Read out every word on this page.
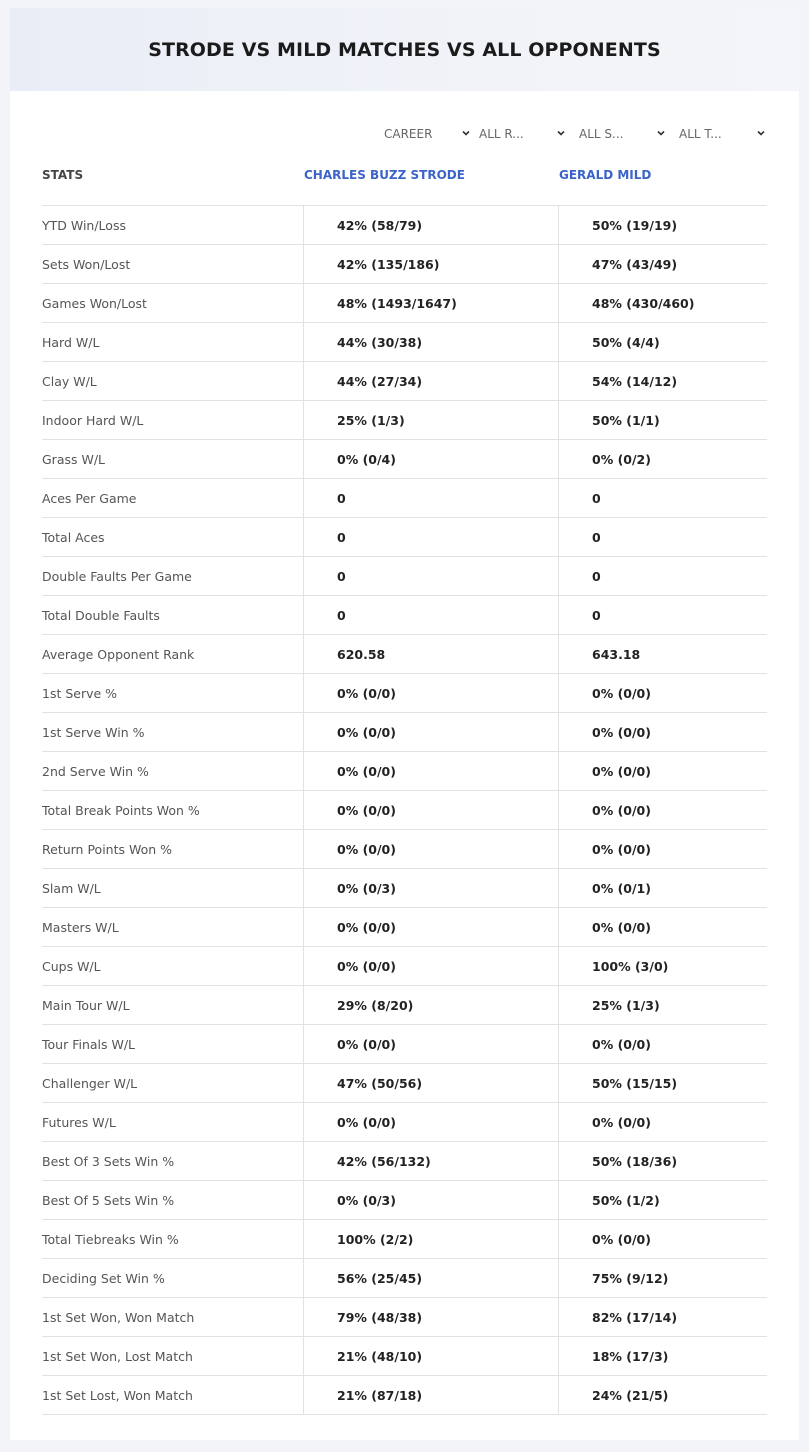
STRODE VS MILD MATCHES VS ALL OPPONENTS
CAREER	ALL R...	ALL S...	ALL T...
STATS	CHARLES BUZZ STRODE	GERALD MILD
YTD Win/Loss	42% (58/79)	50% (19/19)
Sets Won/Lost	42% (135/186)	47% (43/49)
Games Won/Lost	48% (1493/1647)	48% (430/460)
Hard W/L	44% (30/38)	50% (4/4)
Clay W/L	44% (27/34)	54% (14/12)
Indoor Hard W/L	25% (1/3)	50% (1/1)
Grass W/L	0% (0/4)	0% (0/2)
Aces Per Game	0	0
Total Aces	0	0
Double Faults Per Game	0	0
Total Double Faults	0	0
Average Opponent Rank	620.58	643.18
1st Serve %	0% (0/0)	0% (0/0)
1st Serve Win %	0% (0/0)	0% (0/0)
2nd Serve Win %	0% (0/0)	0% (0/0)
Total Break Points Won %	0% (0/0)	0% (0/0)
Return Points Won %	0% (0/0)	0% (0/0)
Slam W/L	0% (0/3)	0% (0/1)
Masters W/L	0% (0/0)	0% (0/0)
Cups W/L	0% (0/0)	100% (3/0)
Main Tour W/L	29% (8/20)	25% (1/3)
Tour Finals W/L	0% (0/0)	0% (0/0)
Challenger W/L	47% (50/56)	50% (15/15)
Futures W/L	0% (0/0)	0% (0/0)
Best Of 3 Sets Win %	42% (56/132)	50% (18/36)
Best Of 5 Sets Win %	0% (0/3)	50% (1/2)
Total Tiebreaks Win %	100% (2/2)	0% (0/0)
Deciding Set Win %	56% (25/45)	75% (9/12)
1st Set Won, Won Match	79% (48/38)	82% (17/14)
1st Set Won, Lost Match	21% (48/10)	18% (17/3)
1st Set Lost, Won Match	21% (87/18)	24% (21/5)
